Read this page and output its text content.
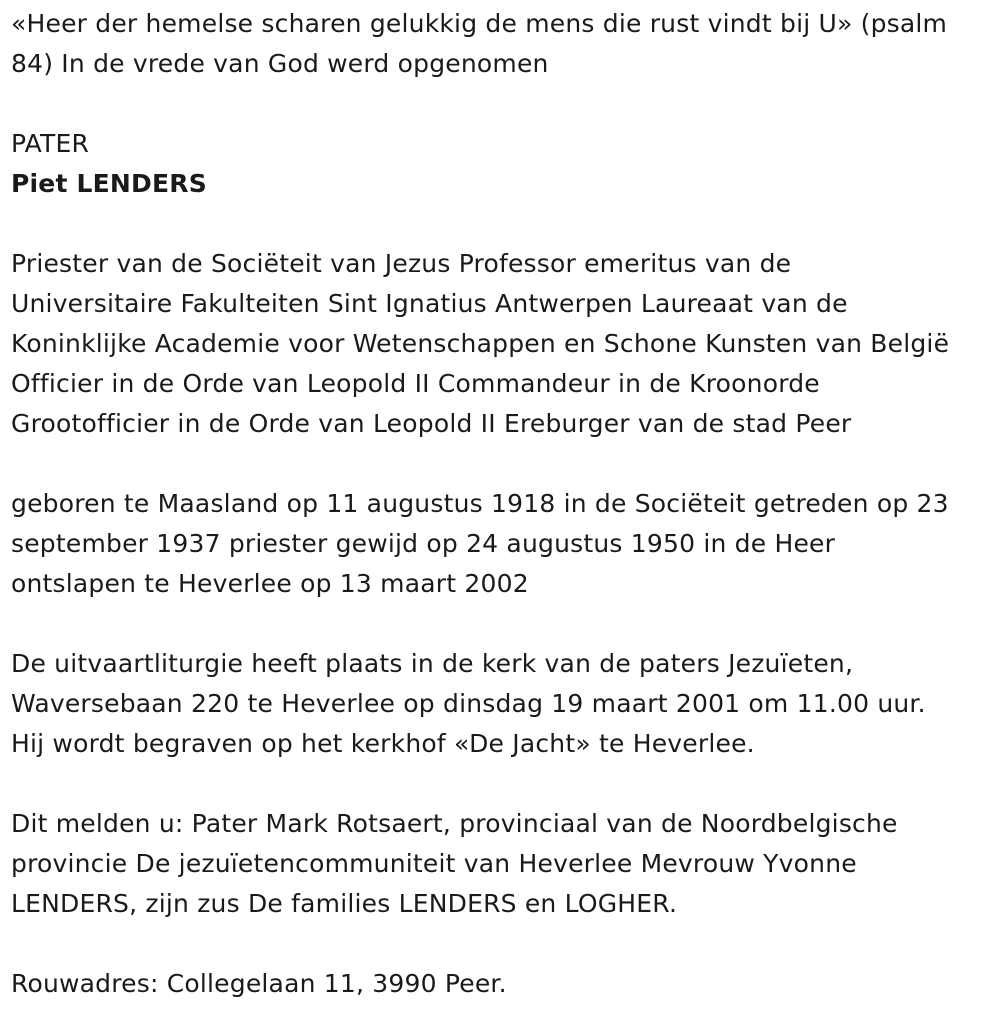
«Heer der hemelse scharen gelukkig de mens die rust vindt bij U» (psalm
84) In de vrede van God werd opgenomen
PATER
Piet LENDERS
Priester van de Sociëteit van Jezus Professor emeritus van de
Universitaire Fakulteiten Sint Ignatius Antwerpen Laureaat van de
Koninklijke Academie voor Wetenschappen en Schone Kunsten van België
Officier in de Orde van Leopold II Commandeur in de Kroonorde
Grootofficier in de Orde van Leopold II Ereburger van de stad Peer
geboren te Maasland op 11 augustus 1918 in de Sociëteit getreden op 23
september 1937 priester gewijd op 24 augustus 1950 in de Heer
ontslapen te Heverlee op 13 maart 2002
De uitvaartliturgie heeft plaats in de kerk van de paters Jezuïeten,
Waversebaan 220 te Heverlee op dinsdag 19 maart 2001 om 11.00 uur.
Hij wordt begraven op het kerkhof «De Jacht» te Heverlee.
Dit melden u: Pater Mark Rotsaert, provinciaal van de Noordbelgische
provincie De jezuïetencommuniteit van Heverlee Mevrouw Yvonne
LENDERS, zijn zus De families LENDERS en LOGHER.
Rouwadres: Collegelaan 11, 3990 Peer.
